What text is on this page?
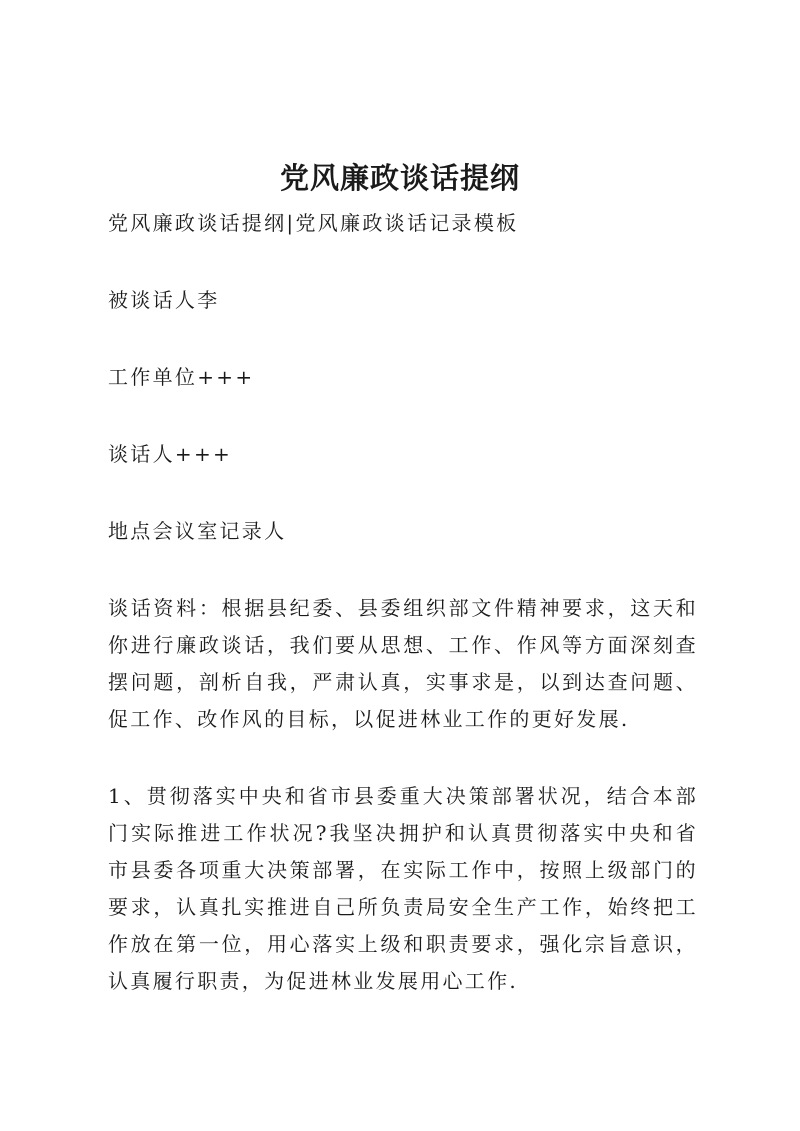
党风廉政谈话提纲

党风廉政谈话提纲|党风廉政谈话记录模板

被谈话人李

工作单位+++

谈话人+++

地点会议室记录人

谈话资料：根据县纪委、县委组织部文件精神要求，这天和你进行廉政谈话，我们要从思想、工作、作风等方面深刻查摆问题，剖析自我，严肃认真，实事求是，以到达查问题、促工作、改作风的目标，以促进林业工作的更好发展.

1、贯彻落实中央和省市县委重大决策部署状况，结合本部门实际推进工作状况?我坚决拥护和认真贯彻落实中央和省市县委各项重大决策部署，在实际工作中，按照上级部门的要求，认真扎实推进自己所负责局安全生产工作，始终把工作放在第一位，用心落实上级和职责要求，强化宗旨意识，认真履行职责，为促进林业发展用心工作.
